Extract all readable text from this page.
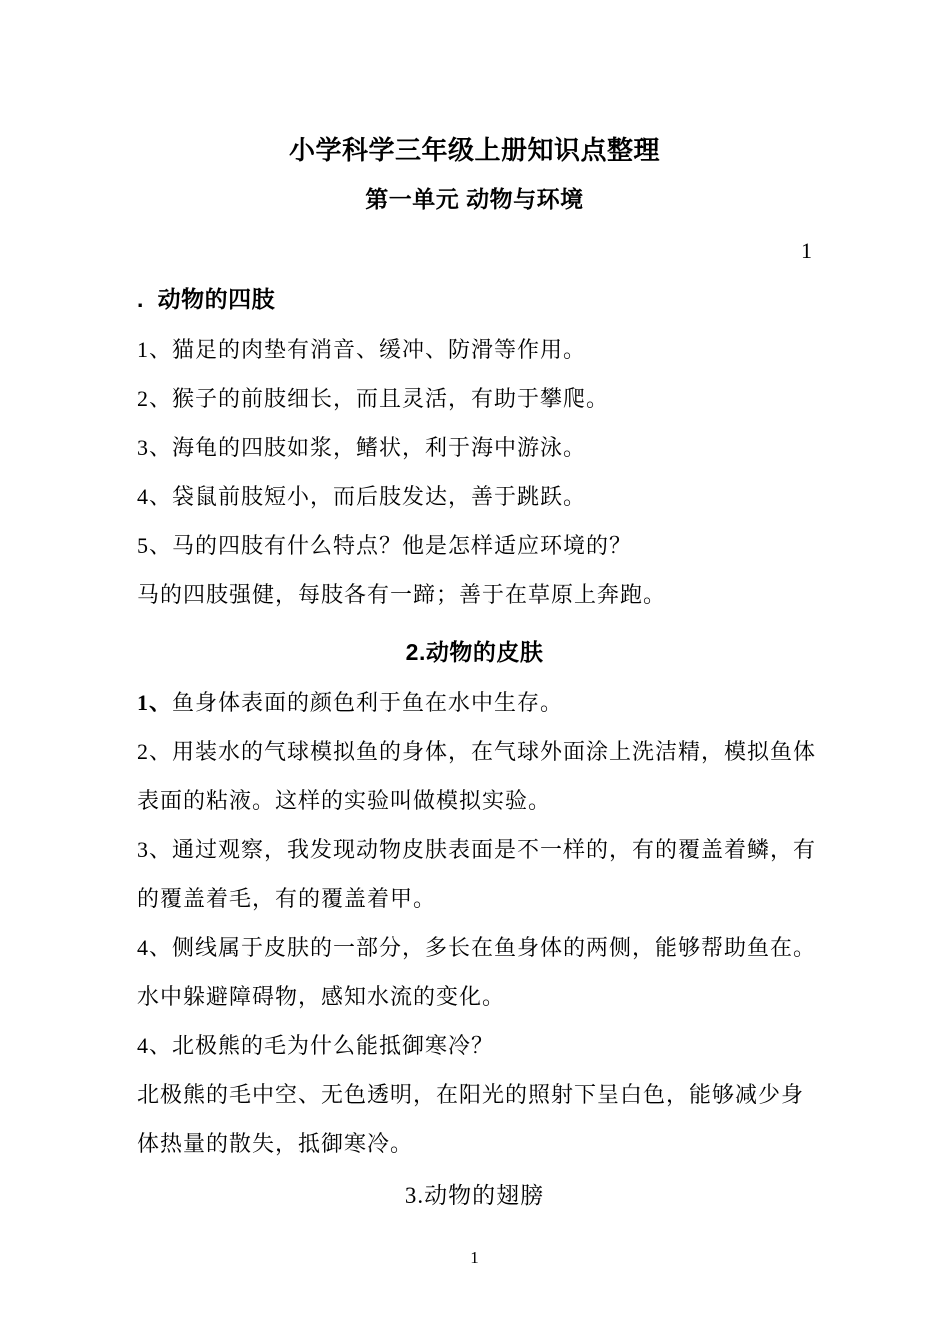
小学科学三年级上册知识点整理
第一单元 动物与环境
1
.  动物的四肢
1、猫足的肉垫有消音、缓冲、防滑等作用。
2、猴子的前肢细长，而且灵活，有助于攀爬。
3、海龟的四肢如浆，鳍状，利于海中游泳。
4、袋鼠前肢短小，而后肢发达，善于跳跃。
5、马的四肢有什么特点？他是怎样适应环境的？
马的四肢强健，每肢各有一蹄；善于在草原上奔跑。
2.动物的皮肤
1、鱼身体表面的颜色利于鱼在水中生存。
2、用装水的气球模拟鱼的身体，在气球外面涂上洗洁精，模拟鱼体
表面的粘液。这样的实验叫做模拟实验。
3、通过观察，我发现动物皮肤表面是不一样的，有的覆盖着鳞，有
的覆盖着毛，有的覆盖着甲。
4、侧线属于皮肤的一部分，多长在鱼身体的两侧，能够帮助鱼在。
水中躲避障碍物，感知水流的变化。
4、北极熊的毛为什么能抵御寒冷？
北极熊的毛中空、无色透明，在阳光的照射下呈白色，能够减少身
体热量的散失，抵御寒冷。
3.动物的翅膀
1
